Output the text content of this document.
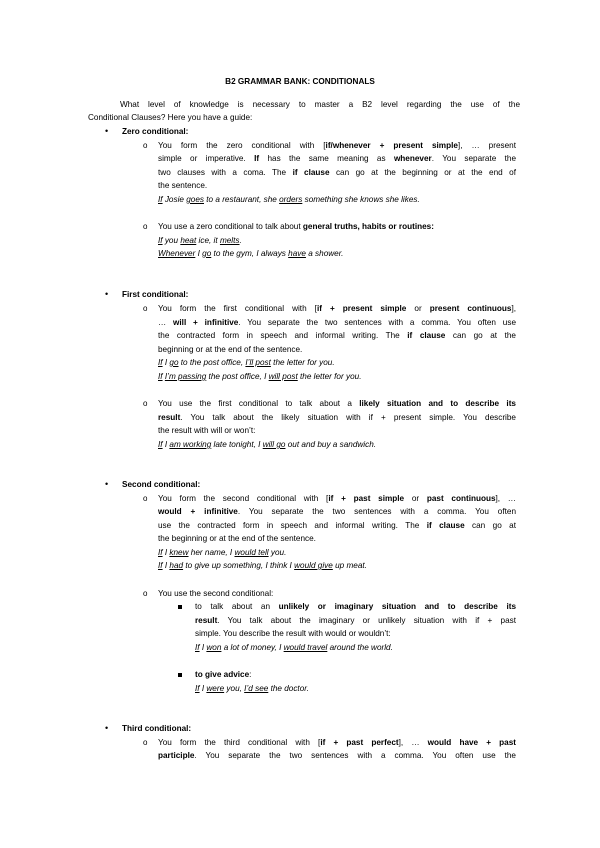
B2 GRAMMAR BANK: CONDITIONALS
What level of knowledge is necessary to master a B2 level regarding the use of the
Conditional Clauses? Here you have a guide:
• Zero conditional:
o You form the zero conditional with [if/whenever + present simple], … present
simple or imperative. If has the same meaning as whenever. You separate the
two clauses with a coma. The if clause can go at the beginning or at the end of
the sentence.
If Josie goes to a restaurant, she orders something she knows she likes.
o You use a zero conditional to talk about general truths, habits or routines:
If you heat ice, it melts.
Whenever I go to the gym, I always have a shower.
• First conditional:
o You form the first conditional with [if + present simple or present continuous],
… will + infinitive. You separate the two sentences with a comma. You often use
the contracted form in speech and informal writing. The if clause can go at the
beginning or at the end of the sentence.
If I go to the post office, I’ll post the letter for you.
If I’m passing the post office, I will post the letter for you.
o You use the first conditional to talk about a likely situation and to describe its
result. You talk about the likely situation with if + present simple. You describe
the result with will or won’t:
If I am working late tonight, I will go out and buy a sandwich.
• Second conditional:
o You form the second conditional with [if + past simple or past continuous], …
would + infinitive. You separate the two sentences with a comma. You often
use the contracted form in speech and informal writing. The if clause can go at
the beginning or at the end of the sentence.
If I knew her name, I would tell you.
If I had to give up something, I think I would give up meat.
o You use the second conditional:
to talk about an unlikely or imaginary situation and to describe its
result. You talk about the imaginary or unlikely situation with if + past
simple. You describe the result with would or wouldn’t:
If I won a lot of money, I would travel around the world.
to give advice:
If I were you, I’d see the doctor.
• Third conditional:
o You form the third conditional with [if + past perfect], … would have + past
participle. You separate the two sentences with a comma. You often use the
